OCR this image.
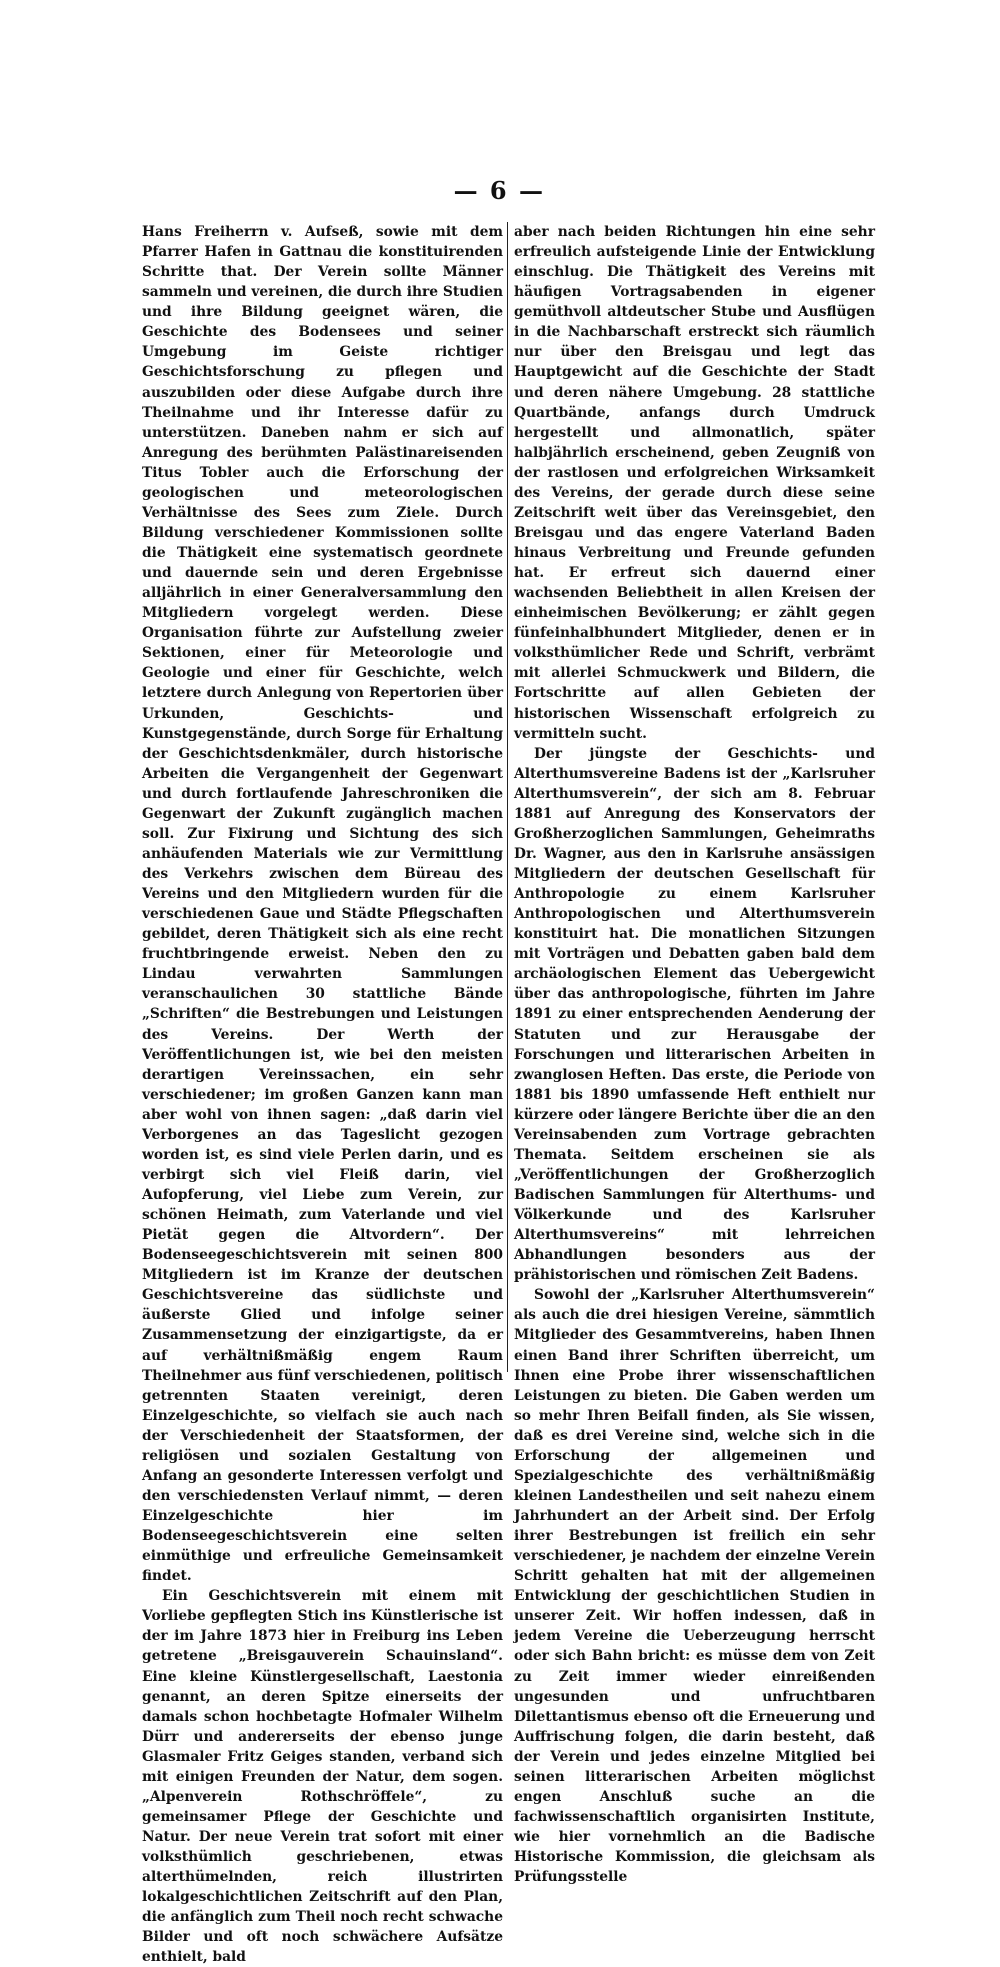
— 6 —

Hans Freiherrn v. Aufseß, sowie mit dem Pfarrer Hafen in Gattnau die konstituirenden Schritte that. Der Verein sollte Männer sammeln und vereinen, die durch ihre Studien und ihre Bildung geeignet wären, die Geschichte des Bodensees und seiner Umgebung im Geiste richtiger Geschichtsforschung zu pflegen und auszubilden oder diese Aufgabe durch ihre Theilnahme und ihr Interesse dafür zu unterstützen. Daneben nahm er sich auf Anregung des berühmten Palästinareisenden Titus Tobler auch die Erforschung der geologischen und meteorologischen Verhältnisse des Sees zum Ziele. Durch Bildung verschiedener Kommissionen sollte die Thätigkeit eine systematisch geordnete und dauernde sein und deren Ergebnisse alljährlich in einer Generalversammlung den Mitgliedern vorgelegt werden. Diese Organisation führte zur Aufstellung zweier Sektionen, einer für Meteorologie und Geologie und einer für Geschichte, welch letztere durch Anlegung von Repertorien über Urkunden, Geschichts- und Kunstgegenstände, durch Sorge für Erhaltung der Geschichtsdenkmäler, durch historische Arbeiten die Vergangenheit der Gegenwart und durch fortlaufende Jahreschroniken die Gegenwart der Zukunft zugänglich machen soll. Zur Fixirung und Sichtung des sich anhäufenden Materials wie zur Vermittlung des Verkehrs zwischen dem Büreau des Vereins und den Mitgliedern wurden für die verschiedenen Gaue und Städte Pflegschaften gebildet, deren Thätigkeit sich als eine recht fruchtbringende erweist. Neben den zu Lindau verwahrten Sammlungen veranschaulichen 30 stattliche Bände „Schriften“ die Bestrebungen und Leistungen des Vereins. Der Werth der Veröffentlichungen ist, wie bei den meisten derartigen Vereinssachen, ein sehr verschiedener; im großen Ganzen kann man aber wohl von ihnen sagen: „daß darin viel Verborgenes an das Tageslicht gezogen worden ist, es sind viele Perlen darin, und es verbirgt sich viel Fleiß darin, viel Aufopferung, viel Liebe zum Verein, zur schönen Heimath, zum Vaterlande und viel Pietät gegen die Altvordern“. Der Bodenseegeschichtsverein mit seinen 800 Mitgliedern ist im Kranze der deutschen Geschichtsvereine das südlichste und äußerste Glied und infolge seiner Zusammensetzung der einzigartigste, da er auf verhältnißmäßig engem Raum Theilnehmer aus fünf verschiedenen, politisch getrennten Staaten vereinigt, deren Einzelgeschichte, so vielfach sie auch nach der Verschiedenheit der Staatsformen, der religiösen und sozialen Gestaltung von Anfang an gesonderte Interessen verfolgt und den verschiedensten Verlauf nimmt, — deren Einzelgeschichte hier im Bodenseegeschichtsverein eine selten einmüthige und erfreuliche Gemeinsamkeit findet.

Ein Geschichtsverein mit einem mit Vorliebe gepflegten Stich ins Künstlerische ist der im Jahre 1873 hier in Freiburg ins Leben getretene „Breisgauverein Schauinsland“. Eine kleine Künstlergesellschaft, Laestonia genannt, an deren Spitze einerseits der damals schon hochbetagte Hofmaler Wilhelm Dürr und andererseits der ebenso junge Glasmaler Fritz Geiges standen, verband sich mit einigen Freunden der Natur, dem sogen. „Alpenverein Rothschröffele“, zu gemeinsamer Pflege der Geschichte und Natur. Der neue Verein trat sofort mit einer volksthümlich geschriebenen, etwas alterthümelnden, reich illustrirten lokalgeschichtlichen Zeitschrift auf den Plan, die anfänglich zum Theil noch recht schwache Bilder und oft noch schwächere Aufsätze enthielt, bald

aber nach beiden Richtungen hin eine sehr erfreulich aufsteigende Linie der Entwicklung einschlug. Die Thätigkeit des Vereins mit häufigen Vortragsabenden in eigener gemüthvoll altdeutscher Stube und Ausflügen in die Nachbarschaft erstreckt sich räumlich nur über den Breisgau und legt das Hauptgewicht auf die Geschichte der Stadt und deren nähere Umgebung. 28 stattliche Quartbände, anfangs durch Umdruck hergestellt und allmonatlich, später halbjährlich erscheinend, geben Zeugniß von der rastlosen und erfolgreichen Wirksamkeit des Vereins, der gerade durch diese seine Zeitschrift weit über das Vereinsgebiet, den Breisgau und das engere Vaterland Baden hinaus Verbreitung und Freunde gefunden hat. Er erfreut sich dauernd einer wachsenden Beliebtheit in allen Kreisen der einheimischen Bevölkerung; er zählt gegen fünfeinhalbhundert Mitglieder, denen er in volksthümlicher Rede und Schrift, verbrämt mit allerlei Schmuckwerk und Bildern, die Fortschritte auf allen Gebieten der historischen Wissenschaft erfolgreich zu vermitteln sucht.

Der jüngste der Geschichts- und Alterthumsvereine Badens ist der „Karlsruher Alterthumsverein“, der sich am 8. Februar 1881 auf Anregung des Konservators der Großherzoglichen Sammlungen, Geheimraths Dr. Wagner, aus den in Karlsruhe ansässigen Mitgliedern der deutschen Gesellschaft für Anthropologie zu einem Karlsruher Anthropologischen und Alterthumsverein konstituirt hat. Die monatlichen Sitzungen mit Vorträgen und Debatten gaben bald dem archäologischen Element das Uebergewicht über das anthropologische, führten im Jahre 1891 zu einer entsprechenden Aenderung der Statuten und zur Herausgabe der Forschungen und litterarischen Arbeiten in zwanglosen Heften. Das erste, die Periode von 1881 bis 1890 umfassende Heft enthielt nur kürzere oder längere Berichte über die an den Vereinsabenden zum Vortrage gebrachten Themata. Seitdem erscheinen sie als „Veröffentlichungen der Großherzoglich Badischen Sammlungen für Alterthums- und Völkerkunde und des Karlsruher Alterthumsvereins“ mit lehrreichen Abhandlungen besonders aus der prähistorischen und römischen Zeit Badens.

Sowohl der „Karlsruher Alterthumsverein“ als auch die drei hiesigen Vereine, sämmtlich Mitglieder des Gesammtvereins, haben Ihnen einen Band ihrer Schriften überreicht, um Ihnen eine Probe ihrer wissenschaftlichen Leistungen zu bieten. Die Gaben werden um so mehr Ihren Beifall finden, als Sie wissen, daß es drei Vereine sind, welche sich in die Erforschung der allgemeinen und Spezialgeschichte des verhältnißmäßig kleinen Landestheilen und seit nahezu einem Jahrhundert an der Arbeit sind. Der Erfolg ihrer Bestrebungen ist freilich ein sehr verschiedener, je nachdem der einzelne Verein Schritt gehalten hat mit der allgemeinen Entwicklung der geschichtlichen Studien in unserer Zeit. Wir hoffen indessen, daß in jedem Vereine die Ueberzeugung herrscht oder sich Bahn bricht: es müsse dem von Zeit zu Zeit immer wieder einreißenden ungesunden und unfruchtbaren Dilettantismus ebenso oft die Erneuerung und Auffrischung folgen, die darin besteht, daß der Verein und jedes einzelne Mitglied bei seinen litterarischen Arbeiten möglichst engen Anschluß suche an die fachwissenschaftlich organisirten Institute, wie hier vornehmlich an die Badische Historische Kommission, die gleichsam als Prüfungsstelle
